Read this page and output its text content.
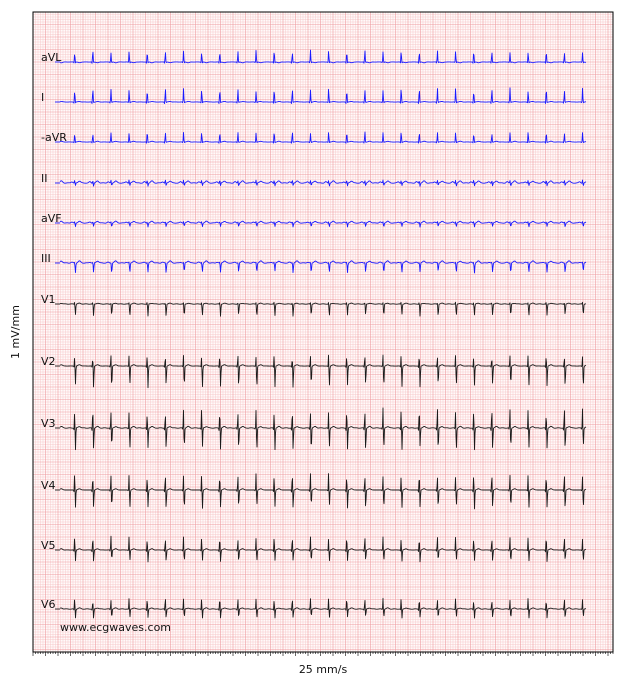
aVL
I
-aVR
II
aVF
III
V1
V2
V3
V4
V5
V6
www.ecgwaves.com
25 mm/s
1 mV/mm
